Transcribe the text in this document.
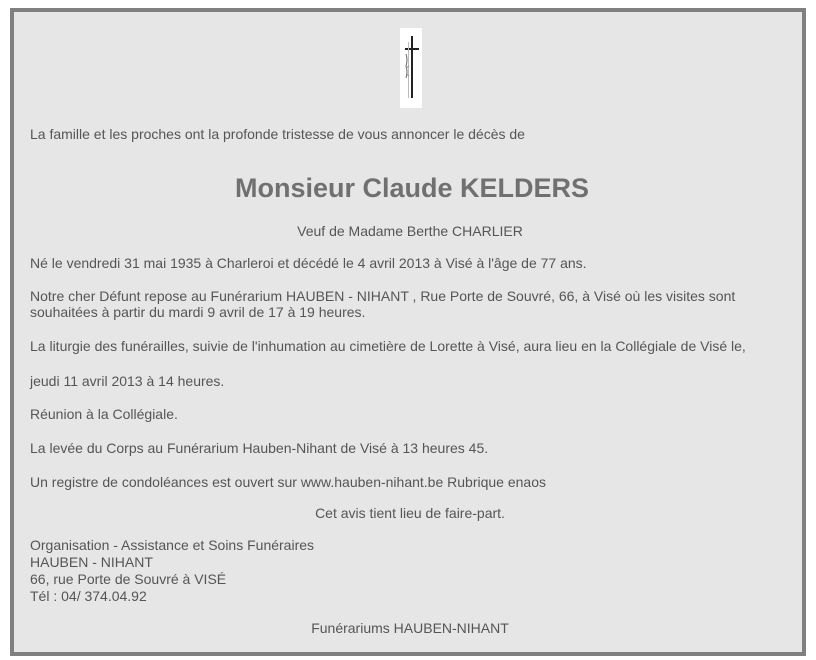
La famille et les proches ont la profonde tristesse de vous annoncer le décès de

Monsieur Claude KELDERS

Veuf de Madame Berthe CHARLIER

Né le vendredi 31 mai 1935 à Charleroi et décédé le 4 avril 2013 à Visé à l'âge de 77 ans.

Notre cher Défunt repose au Funérarium HAUBEN - NIHANT , Rue Porte de Souvré, 66, à Visé où les visites sont

souhaitées à partir du mardi 9 avril de 17 à 19 heures.

La liturgie des funérailles, suivie de l'inhumation au cimetière de Lorette à Visé, aura lieu en la Collégiale de Visé le,

jeudi 11 avril 2013 à 14 heures.

Réunion à la Collégiale.

La levée du Corps au Funérarium Hauben-Nihant de Visé à 13 heures 45.

Un registre de condoléances est ouvert sur www.hauben-nihant.be Rubrique enaos

Cet avis tient lieu de faire-part.

Organisation - Assistance et Soins Funéraires

HAUBEN - NIHANT

66, rue Porte de Souvré à VISÉ

Tél : 04/ 374.04.92

Funérariums HAUBEN-NIHANT
